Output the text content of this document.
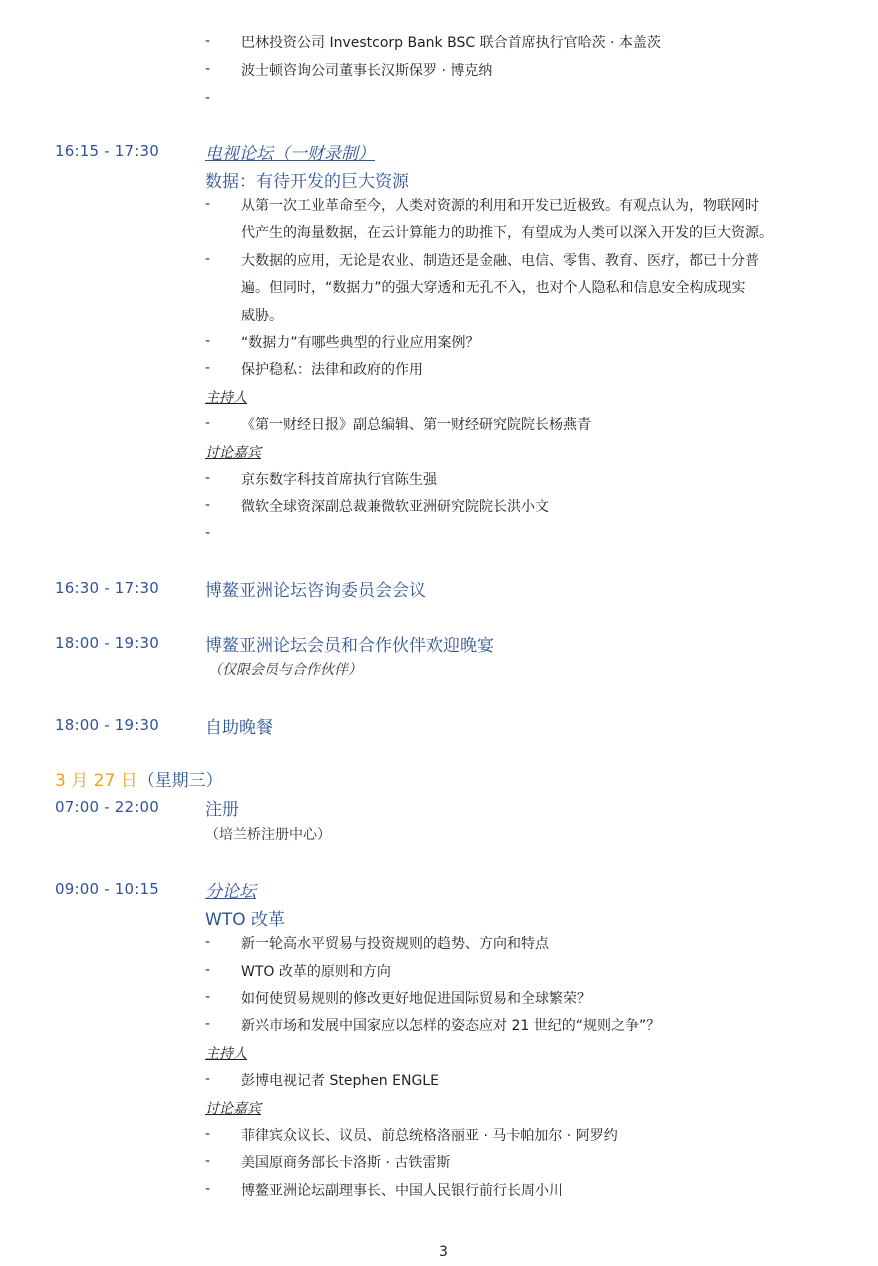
- 巴林投资公司 Investcorp Bank BSC 联合首席执行官哈茨 · 本盖茨
- 波士顿咨询公司董事长汉斯保罗 · 博克纳
-
16:15 - 17:30	电视论坛（一财录制）
数据：有待开发的巨大资源
- 从第一次工业革命至今，人类对资源的利用和开发已近极致。有观点认为，物联网时
代产生的海量数据，在云计算能力的助推下，有望成为人类可以深入开发的巨大资源。
- 大数据的应用，无论是农业、制造还是金融、电信、零售、教育、医疗，都已十分普
遍。但同时，“数据力”的强大穿透和无孔不入，也对个人隐私和信息安全构成现实
威胁。
- “数据力”有哪些典型的行业应用案例？
- 保护稳私：法律和政府的作用
主持人
- 《第一财经日报》副总编辑、第一财经研究院院长杨燕青
讨论嘉宾
- 京东数字科技首席执行官陈生强
- 微软全球资深副总裁兼微软亚洲研究院院长洪小文
-
16:30 - 17:30	博鳌亚洲论坛咨询委员会会议
18:00 - 19:30	博鳌亚洲论坛会员和合作伙伴欢迎晚宴
（仅限会员与合作伙伴）
18:00 - 19:30	自助晚餐
3 月 27 日（星期三）
07:00 - 22:00	注册
（培兰桥注册中心）
09:00 - 10:15	分论坛
WTO 改革
- 新一轮高水平贸易与投资规则的趋势、方向和特点
- WTO 改革的原则和方向
- 如何使贸易规则的修改更好地促进国际贸易和全球繁荣？
- 新兴市场和发展中国家应以怎样的姿态应对 21 世纪的“规则之争”？
主持人
- 彭博电视记者 Stephen ENGLE
讨论嘉宾
- 菲律宾众议长、议员、前总统格洛丽亚 · 马卡帕加尔 · 阿罗约
- 美国原商务部长卡洛斯 · 古铁雷斯
- 博鳌亚洲论坛副理事长、中国人民银行前行长周小川
3
